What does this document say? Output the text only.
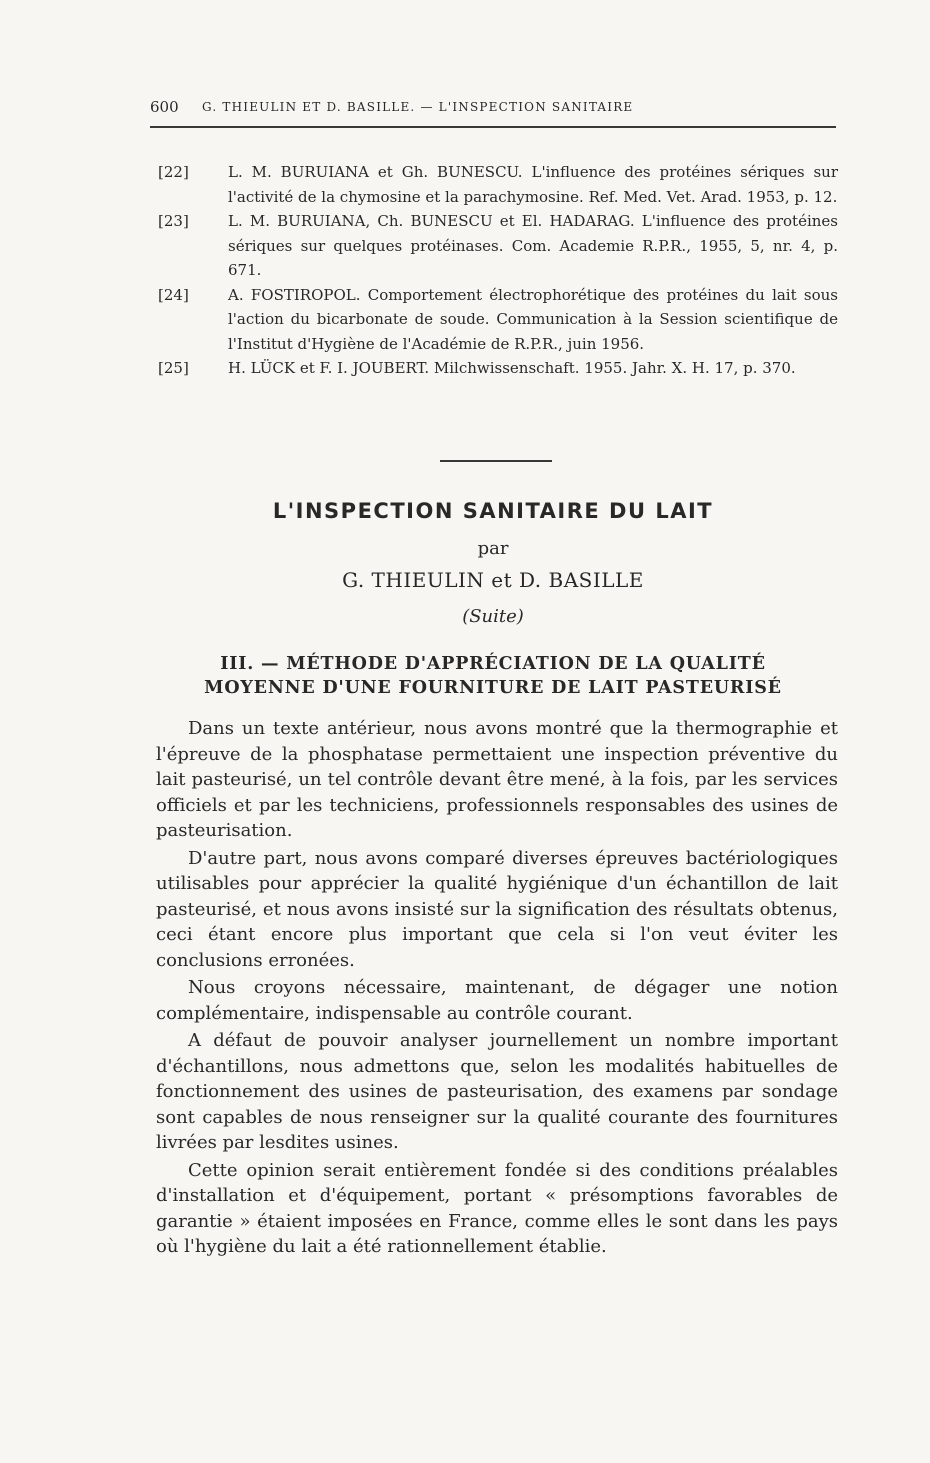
600 G. THIEULIN ET D. BASILLE. — L'INSPECTION SANITAIRE
[22]	L. M. BURUIANA et Gh. BUNESCU. L'influence des protéines sériques sur l'activité de la chymosine et la parachymosine. Ref. Med. Vet. Arad. 1953, p. 12.
[23]	L. M. BURUIANA, Ch. BUNESCU et El. HADARAG. L'influence des protéines sériques sur quelques protéinases. Com. Academie R.P.R., 1955, 5, nr. 4, p. 671.
[24]	A. FOSTIROPOL. Comportement électrophorétique des protéines du lait sous l'action du bicarbonate de soude. Communication à la Session scientifique de l'Institut d'Hygiène de l'Académie de R.P.R., juin 1956.
[25]	H. LÜCK et F. I. JOUBERT. Milchwissenschaft. 1955. Jahr. X. H. 17, p. 370.
L'INSPECTION SANITAIRE DU LAIT
par
G. THIEULIN et D. BASILLE
(Suite)
III. — MÉTHODE D'APPRÉCIATION DE LA QUALITÉ
MOYENNE D'UNE FOURNITURE DE LAIT PASTEURISÉ

Dans un texte antérieur, nous avons montré que la thermographie et l'épreuve de la phosphatase permettaient une inspection préventive du lait pasteurisé, un tel contrôle devant être mené, à la fois, par les services officiels et par les techniciens, professionnels responsables des usines de pasteurisation.

D'autre part, nous avons comparé diverses épreuves bactériologiques utilisables pour apprécier la qualité hygiénique d'un échantillon de lait pasteurisé, et nous avons insisté sur la signification des résultats obtenus, ceci étant encore plus important que cela si l'on veut éviter les conclusions erronées.

Nous croyons nécessaire, maintenant, de dégager une notion complémentaire, indispensable au contrôle courant.

A défaut de pouvoir analyser journellement un nombre important d'échantillons, nous admettons que, selon les modalités habituelles de fonctionnement des usines de pasteurisation, des examens par sondage sont capables de nous renseigner sur la qualité courante des fournitures livrées par lesdites usines.

Cette opinion serait entièrement fondée si des conditions préalables d'installation et d'équipement, portant « présomptions favorables de garantie » étaient imposées en France, comme elles le sont dans les pays où l'hygiène du lait a été rationnellement établie.
